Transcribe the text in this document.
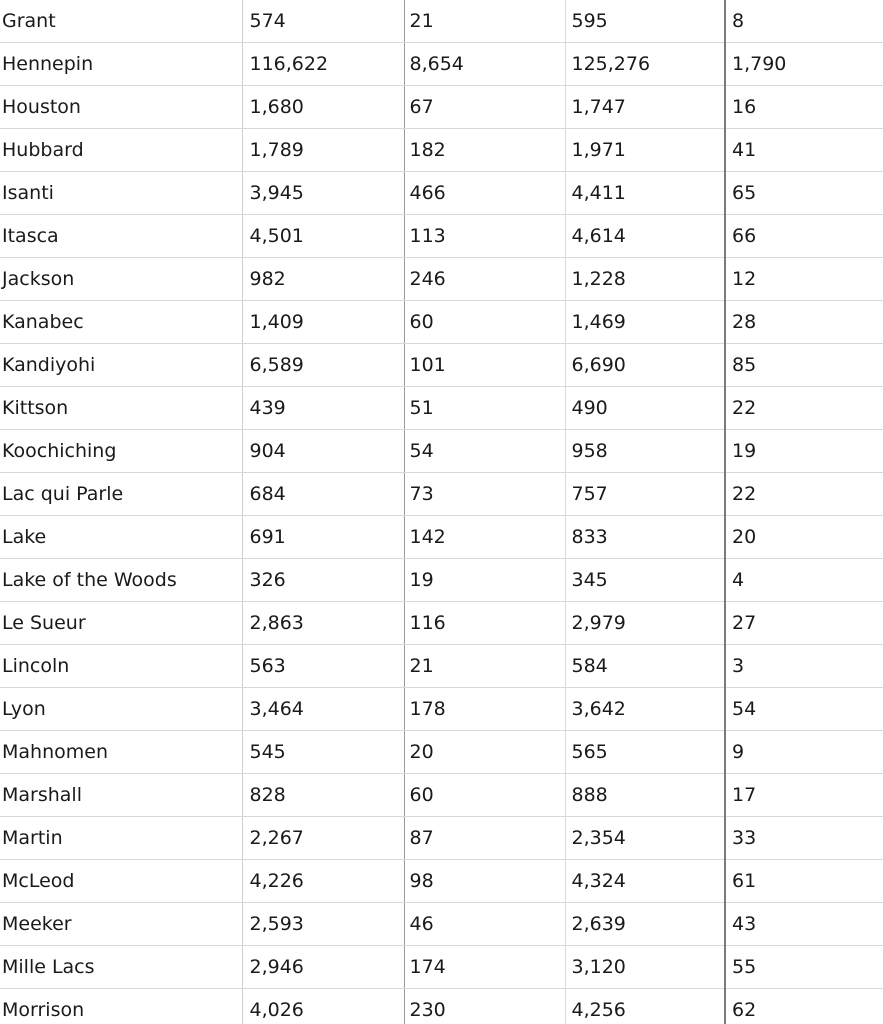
Grant	574	21	595	8
Hennepin	116,622	8,654	125,276	1,790
Houston	1,680	67	1,747	16
Hubbard	1,789	182	1,971	41
Isanti	3,945	466	4,411	65
Itasca	4,501	113	4,614	66
Jackson	982	246	1,228	12
Kanabec	1,409	60	1,469	28
Kandiyohi	6,589	101	6,690	85
Kittson	439	51	490	22
Koochiching	904	54	958	19
Lac qui Parle	684	73	757	22
Lake	691	142	833	20
Lake of the Woods	326	19	345	4
Le Sueur	2,863	116	2,979	27
Lincoln	563	21	584	3
Lyon	3,464	178	3,642	54
Mahnomen	545	20	565	9
Marshall	828	60	888	17
Martin	2,267	87	2,354	33
McLeod	4,226	98	4,324	61
Meeker	2,593	46	2,639	43
Mille Lacs	2,946	174	3,120	55
Morrison	4,026	230	4,256	62
